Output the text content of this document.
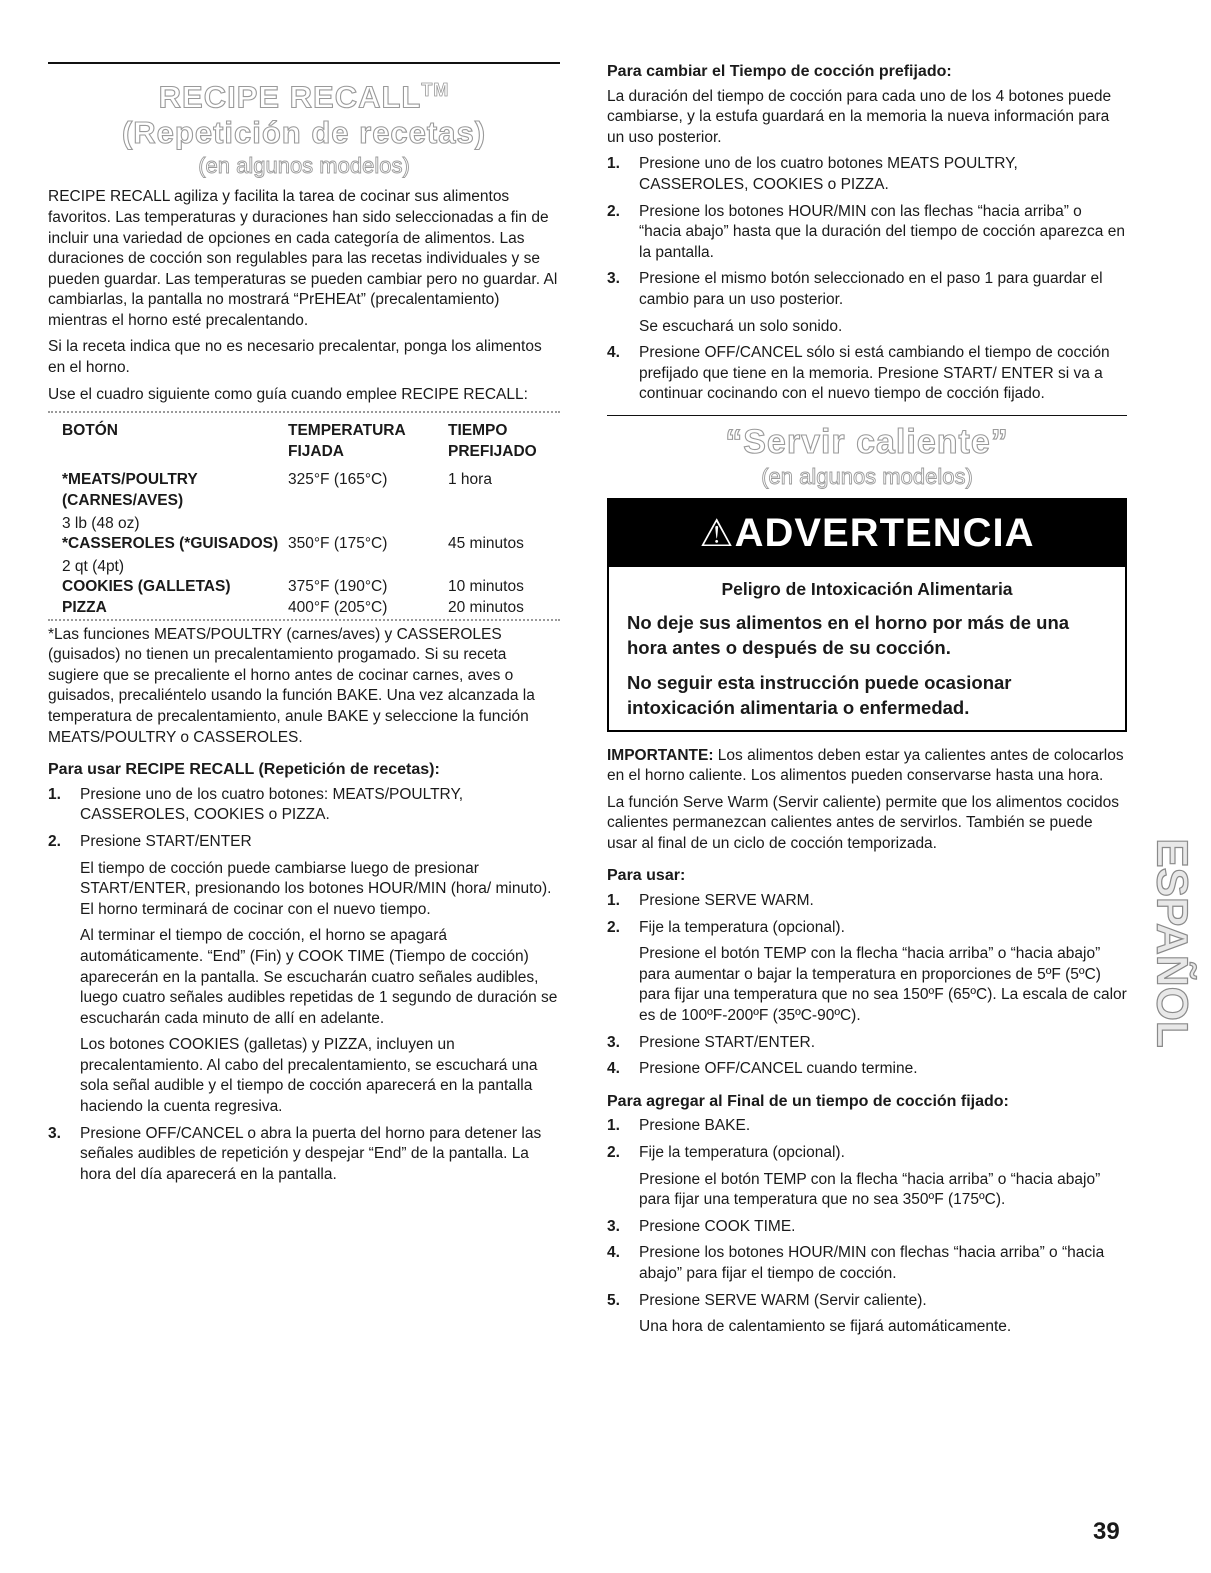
RECIPE RECALL™
(Repetición de recetas)
(en algunos modelos)

RECIPE RECALL agiliza y facilita la tarea de cocinar sus alimentos favoritos. Las temperaturas y duraciones han sido seleccionadas a fin de incluir una variedad de opciones en cada categoría de alimentos. Las duraciones de cocción son regulables para las recetas individuales y se pueden guardar. Las temperaturas se pueden cambiar pero no guardar. Al cambiarlas, la pantalla no mostrará “PrEHEAt” (precalentamiento) mientras el horno esté precalentando.

Si la receta indica que no es necesario precalentar, ponga los alimentos en el horno.

Use el cuadro siguiente como guía cuando emplee RECIPE RECALL:

BOTÓN	TEMPERATURA FIJADA	TIEMPO PREFIJADO
*MEATS/POULTRY (CARNES/AVES)
3 lb (48 oz)	325°F (165°C)	1 hora
*CASSEROLES (*GUISADOS)
2 qt (4pt)	350°F (175°C)	45 minutos
COOKIES (GALLETAS)	375°F (190°C)	10 minutos
PIZZA	400°F (205°C)	20 minutos

*Las funciones MEATS/POULTRY (carnes/aves) y CASSEROLES (guisados) no tienen un precalentamiento progamado. Si su receta sugiere que se precaliente el horno antes de cocinar carnes, aves o guisados, precaliéntelo usando la función BAKE. Una vez alcanzada la temperatura de precalentamiento, anule BAKE y seleccione la función MEATS/POULTRY o CASSEROLES.

Para usar RECIPE RECALL (Repetición de recetas):
1. Presione uno de los cuatro botones: MEATS/POULTRY, CASSEROLES, COOKIES o PIZZA.

2. Presione START/ENTER

El tiempo de cocción puede cambiarse luego de presionar START/ENTER, presionando los botones HOUR/MIN (hora/ minuto). El horno terminará de cocinar con el nuevo tiempo.

Al terminar el tiempo de cocción, el horno se apagará automáticamente. “End” (Fin) y COOK TIME (Tiempo de cocción) aparecerán en la pantalla. Se escucharán cuatro señales audibles, luego cuatro señales audibles repetidas de 1 segundo de duración se escucharán cada minuto de allí en adelante.

Los botones COOKIES (galletas) y PIZZA, incluyen un precalentamiento. Al cabo del precalentamiento, se escuchará una sola señal audible y el tiempo de cocción aparecerá en la pantalla haciendo la cuenta regresiva.

3. Presione OFF/CANCEL o abra la puerta del horno para detener las señales audibles de repetición y despejar “End” de la pantalla. La hora del día aparecerá en la pantalla.

Para cambiar el Tiempo de cocción prefijado:

La duración del tiempo de cocción para cada uno de los 4 botones puede cambiarse, y la estufa guardará en la memoria la nueva información para un uso posterior.

1. Presione uno de los cuatro botones MEATS POULTRY, CASSEROLES, COOKIES o PIZZA.

2. Presione los botones HOUR/MIN con las flechas “hacia arriba” o “hacia abajo” hasta que la duración del tiempo de cocción aparezca en la pantalla.

3. Presione el mismo botón seleccionado en el paso 1 para guardar el cambio para un uso posterior.

Se escuchará un solo sonido.

4. Presione OFF/CANCEL sólo si está cambiando el tiempo de cocción prefijado que tiene en la memoria. Presione START/ ENTER si va a continuar cocinando con el nuevo tiempo de cocción fijado.

“Servir caliente”
(en algunos modelos)
⚠ADVERTENCIA
Peligro de Intoxicación Alimentaria
No deje sus alimentos en el horno por más de una hora antes o después de su cocción.
No seguir esta instrucción puede ocasionar intoxicación alimentaria o enfermedad.

IMPORTANTE: Los alimentos deben estar ya calientes antes de colocarlos en el horno caliente. Los alimentos pueden conservarse hasta una hora.

La función Serve Warm (Servir caliente) permite que los alimentos cocidos calientes permanezcan calientes antes de servirlos. También se puede usar al final de un ciclo de cocción temporizada.

Para usar:
1. Presione SERVE WARM.

2. Fije la temperatura (opcional).

Presione el botón TEMP con la flecha “hacia arriba” o “hacia abajo” para aumentar o bajar la temperatura en proporciones de 5ºF (5ºC) para fijar una temperatura que no sea 150ºF (65ºC). La escala de calor es de 100ºF-200ºF (35ºC-90ºC).

3. Presione START/ENTER.

4. Presione OFF/CANCEL cuando termine.

Para agregar al Final de un tiempo de cocción fijado:
1. Presione BAKE.

2. Fije la temperatura (opcional).

Presione el botón TEMP con la flecha “hacia arriba” o “hacia abajo” para fijar una temperatura que no sea 350ºF (175ºC).

3. Presione COOK TIME.

4. Presione los botones HOUR/MIN con flechas “hacia arriba” o “hacia abajo” para fijar el tiempo de cocción.

5. Presione SERVE WARM (Servir caliente).

Una hora de calentamiento se fijará automáticamente.

ESPAÑOL
39
